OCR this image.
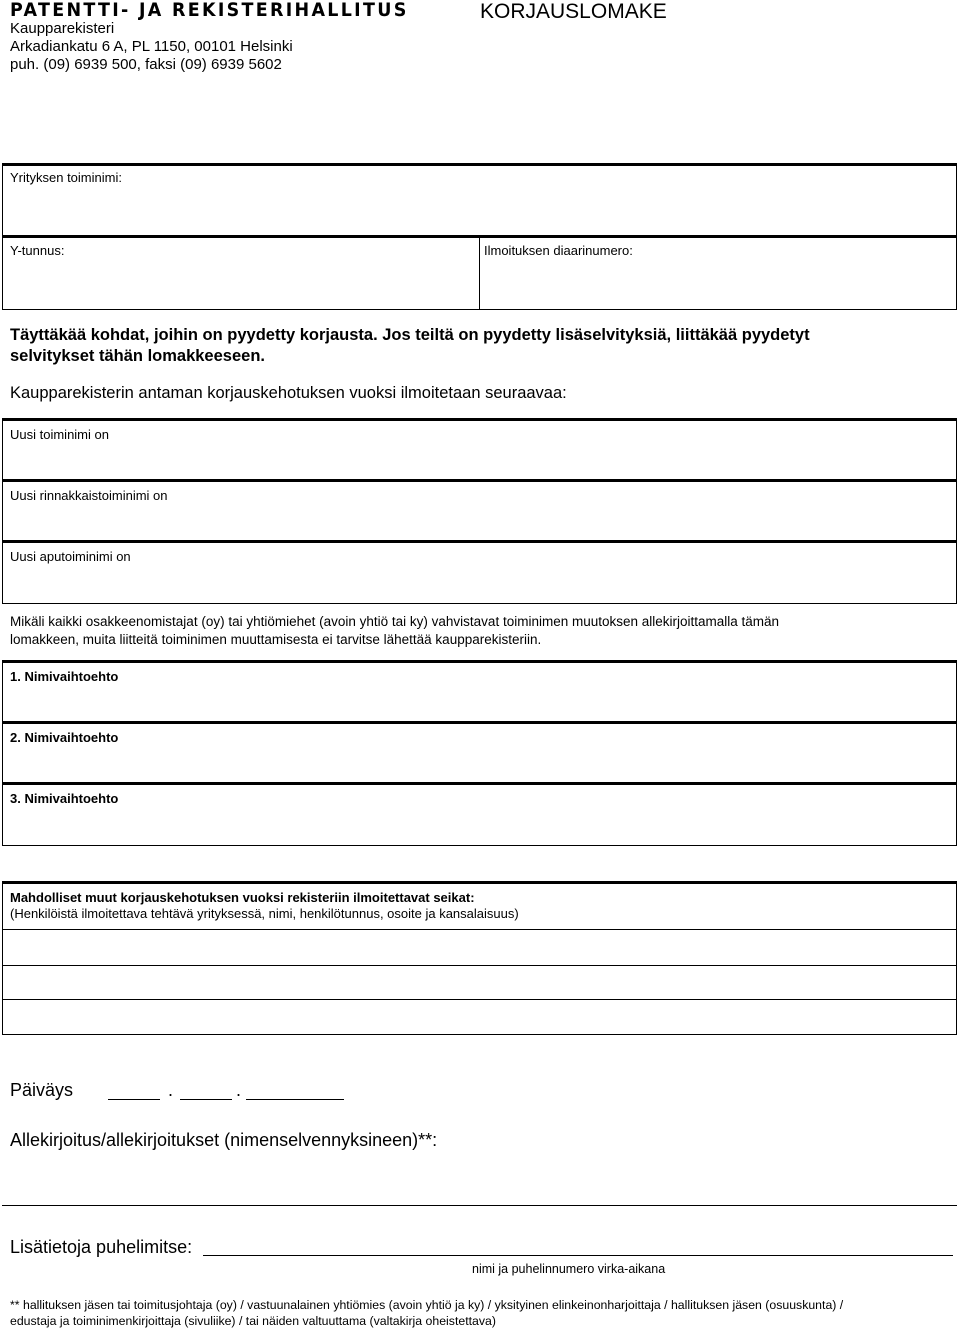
PATENTTI- JA REKISTERIHALLITUS
Kaupparekisteri
Arkadiankatu 6 A, PL 1150, 00101 Helsinki
puh. (09) 6939 500, faksi (09) 6939 5602
KORJAUSLOMAKE
Yrityksen toiminimi:
Y-tunnus:	Ilmoituksen diaarinumero:
Täyttäkää kohdat, joihin on pyydetty korjausta. Jos teiltä on pyydetty lisäselvityksiä, liittäkää pyydetyt
selvitykset tähän lomakkeeseen.
Kaupparekisterin antaman korjauskehotuksen vuoksi ilmoitetaan seuraavaa:
Uusi toiminimi on
Uusi rinnakkaistoiminimi on
Uusi aputoiminimi on
Mikäli kaikki osakkeenomistajat (oy) tai yhtiömiehet (avoin yhtiö tai ky) vahvistavat toiminimen muutoksen allekirjoittamalla tämän
lomakkeen, muita liitteitä toiminimen muuttamisesta ei tarvitse lähettää kaupparekisteriin.
1. Nimivaihtoehto
2. Nimivaihtoehto
3. Nimivaihtoehto
Mahdolliset muut korjauskehotuksen vuoksi rekisteriin ilmoitettavat seikat:
(Henkilöistä ilmoitettava tehtävä yrityksessä, nimi, henkilötunnus, osoite ja kansalaisuus)
Päiväys	.	.
Allekirjoitus/allekirjoitukset (nimenselvennyksineen)**:
Lisätietoja puhelimitse:
nimi ja puhelinnumero virka-aikana
** hallituksen jäsen tai toimitusjohtaja (oy) / vastuunalainen yhtiömies (avoin yhtiö ja ky) / yksityinen elinkeinonharjoittaja / hallituksen jäsen (osuuskunta) /
edustaja ja toiminimenkirjoittaja (sivuliike) / tai näiden valtuuttama (valtakirja oheistettava)
